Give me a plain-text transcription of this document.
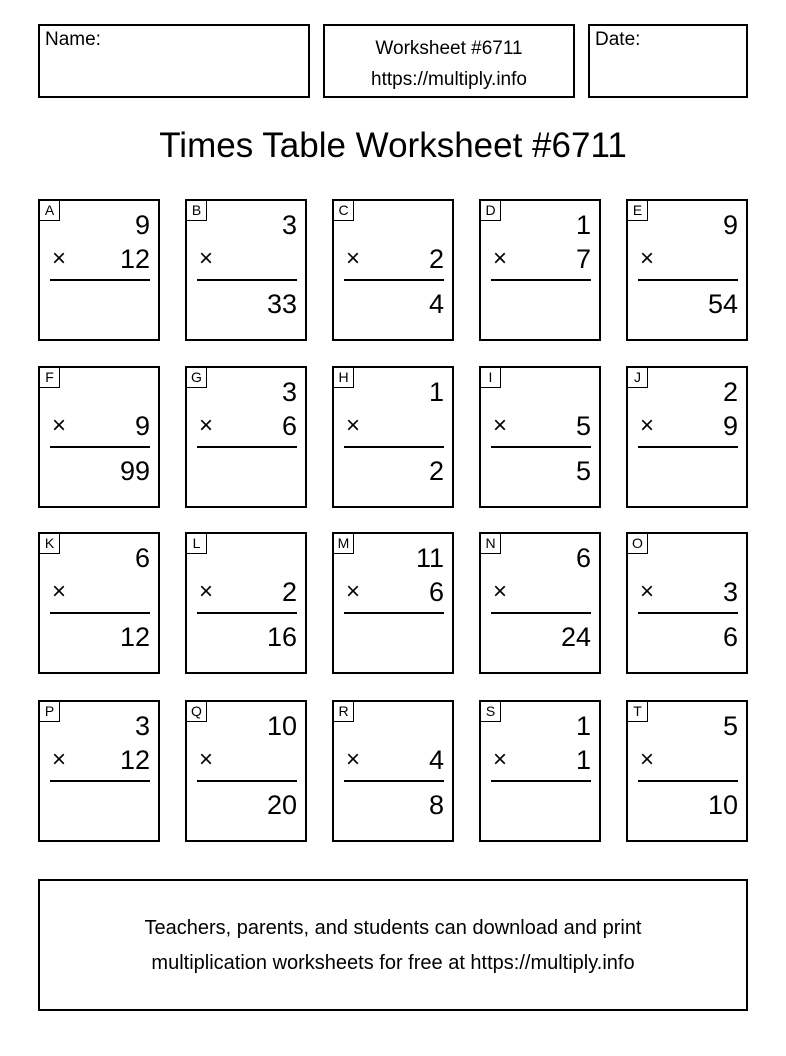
Name:	Worksheet #6711
https://multiply.info
Date:
Times Table Worksheet #6711
A	9
× 12
B	3
×
33
C
×	2
4
D	1
×	7
E	9
×
54
F
×	9
99
G	3
×	6
H	1
×
2
I
×	5
5
J	2
×	9
K	6
×
12
L
×	2
16
M 11
×	6
N	6
×
24
O
×	3
6
P	3
× 12
Q 10
×
20
R
×	4
8
S	1
×	1
T	5
×
10
Teachers, parents, and students can download and print
multiplication worksheets for free at https://multiply.info
